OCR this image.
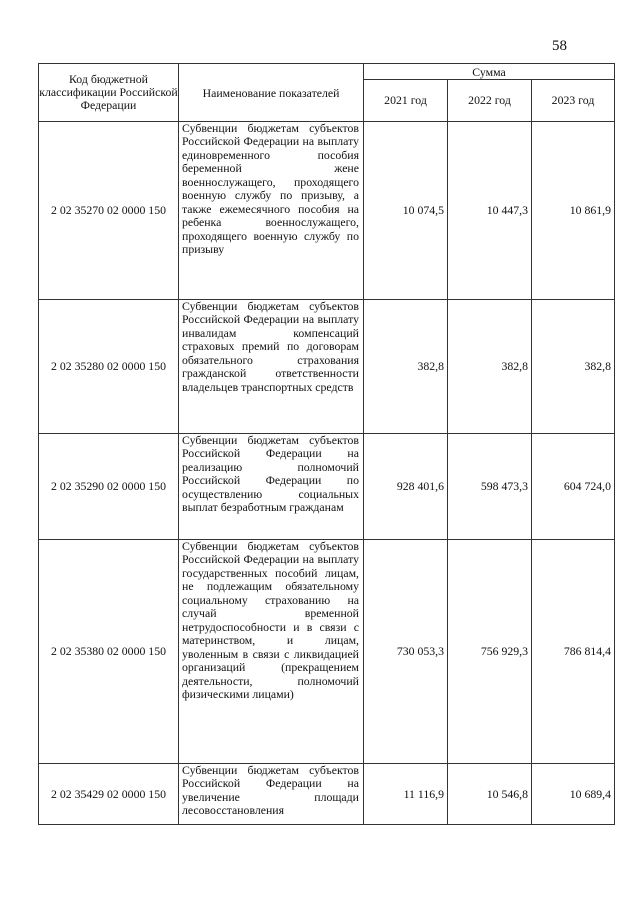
58
Код бюджетной классификации Российской Федерации	Наименование показателей	Сумма		
		2021 год	2022 год	2023 год
2 02 35270 02 0000 150	Субвенции бюджетам субъектов Российской Федерации на выплату единовременного пособия беременной жене военнослужащего, проходящего военную службу по призыву, а также ежемесячного пособия на ребенка военнослужащего, проходящего военную службу по призыву	10 074,5	10 447,3	10 861,9
2 02 35280 02 0000 150	Субвенции бюджетам субъектов Российской Федерации на выплату инвалидам компенсаций страховых премий по договорам обязательного страхования гражданской ответственности владельцев транспортных средств	382,8	382,8	382,8
2 02 35290 02 0000 150	Субвенции бюджетам субъектов Российской Федерации на реализацию полномочий Российской Федерации по осуществлению социальных выплат безработным гражданам	928 401,6	598 473,3	604 724,0
2 02 35380 02 0000 150	Субвенции бюджетам субъектов Российской Федерации на выплату государственных пособий лицам, не подлежащим обязательному социальному страхованию на случай временной нетрудоспособности и в связи с материнством, и лицам, уволенным в связи с ликвидацией организаций (прекращением деятельности, полномочий физическими лицами)	730 053,3	756 929,3	786 814,4
2 02 35429 02 0000 150	Субвенции бюджетам субъектов Российской Федерации на увеличение площади лесовосстановления	11 116,9	10 546,8	10 689,4
